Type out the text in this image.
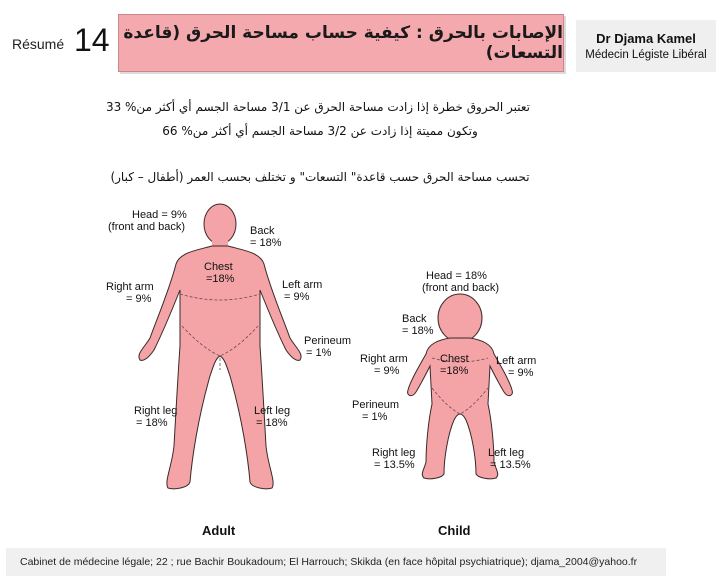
Résumé 14 الإصابات بالحرق : كيفية حساب مساحة الحرق (قاعدة التسعات)
Dr Djama Kamel
Médecin Légiste Libéral
تعتبر الحروق خطرة إذا زادت مساحة الحرق عن 3/1 مساحة الجسم أي أكثر من% 33
وتكون مميتة إذا زادت عن 3/2 مساحة الجسم أي أكثر من% 66
تحسب مساحة الحرق حسب قاعدة" التسعات" و تختلف بحسب العمر (أطفال – كبار)
Head = 9%
(front and back)	Back
= 18%
Chest
=18%
Right arm
= 9%
Left arm
= 9%
Perineum
= 1%
Right leg
= 18%
Left leg
= 18%
Adult
Head = 18%
(front and back)
Back
= 18%
Chest
=18%
Right arm
= 9%
Left arm
= 9%
Perineum
= 1%
Right leg
= 13.5%
Left leg
= 13.5%
Child
Cabinet de médecine légale; 22 ; rue Bachir Boukadoum; El Harrouch; Skikda (en face hôpital psychiatrique); djama_2004@yahoo.fr
